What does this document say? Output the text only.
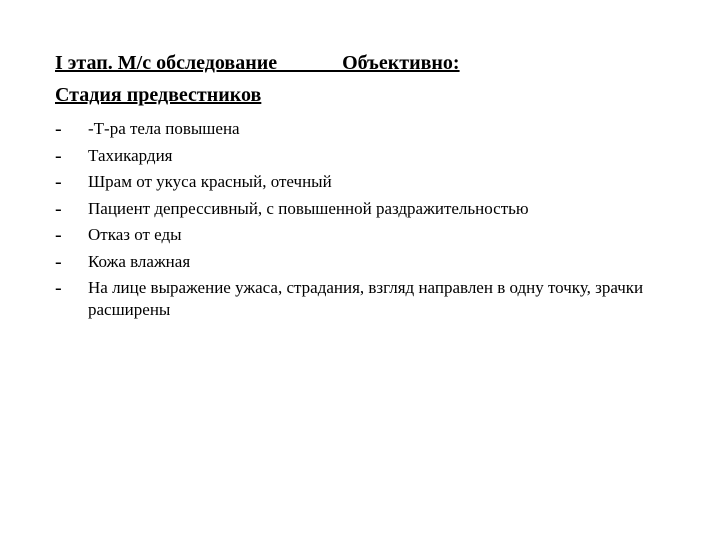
I этап. М/с обследование             Объективно:
Стадия предвестников
- -Т-ра тела повышена
- Тахикардия
- Шрам от укуса красный, отечный
- Пациент депрессивный, с повышенной раздражительностью
- Отказ от еды
- Кожа влажная
- На лице выражение ужаса, страдания, взгляд направлен в одну точку, зрачки расширены
